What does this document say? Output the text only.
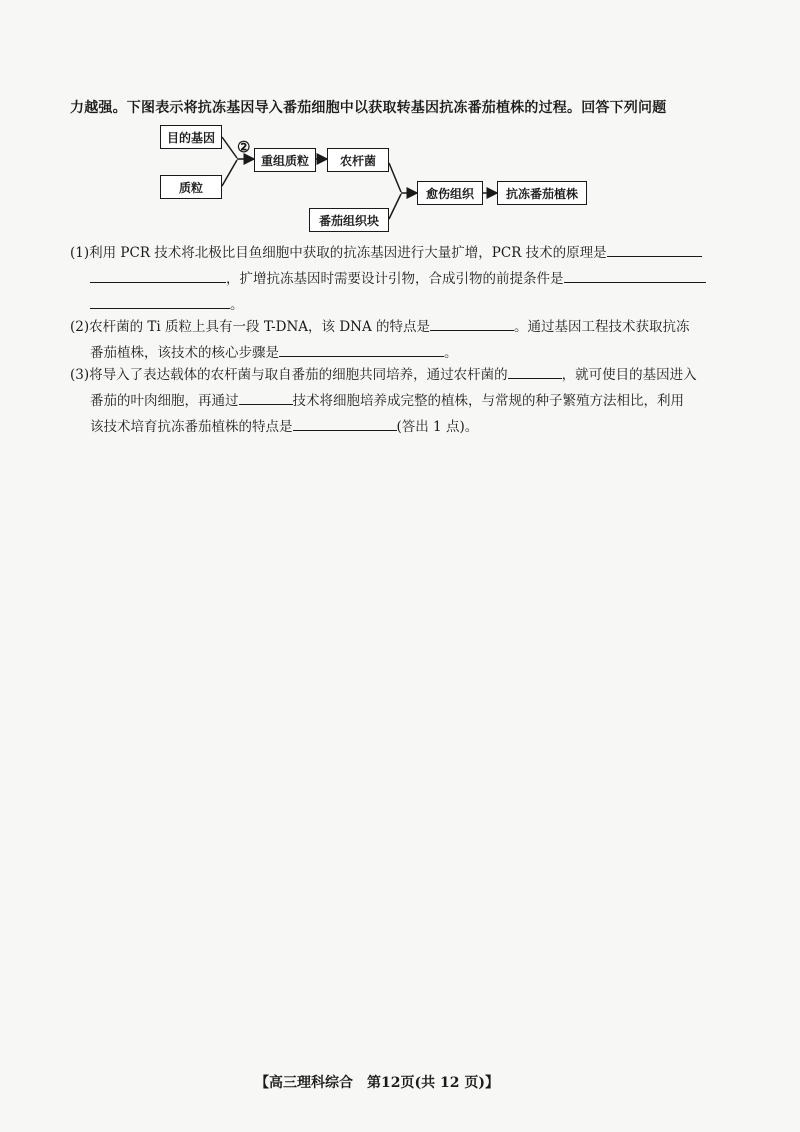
力越强。下图表示将抗冻基因导入番茄细胞中以获取转基因抗冻番茄植株的过程。回答下列问题
目的基因
质粒
②
重组质粒	农杆菌
番茄组织块
愈伤组织	抗冻番茄植株
(1)利用 PCR 技术将北极比目鱼细胞中获取的抗冻基因进行大量扩增，PCR 技术的原理是
，扩增抗冻基因时需要设计引物，合成引物的前提条件是
。
(2)农杆菌的 Ti 质粒上具有一段 T-DNA，该 DNA 的特点是	。通过基因工程技术获取抗冻
番茄植株，该技术的核心步骤是	。
(3)将导入了表达载体的农杆菌与取自番茄的细胞共同培养，通过农杆菌的	，就可使目的基因进入
番茄的叶肉细胞，再通过	技术将细胞培养成完整的植株，与常规的种子繁殖方法相比，利用
该技术培育抗冻番茄植株的特点是	(答出 1 点)。
【高三理科综合　第12页(共 12 页)】
